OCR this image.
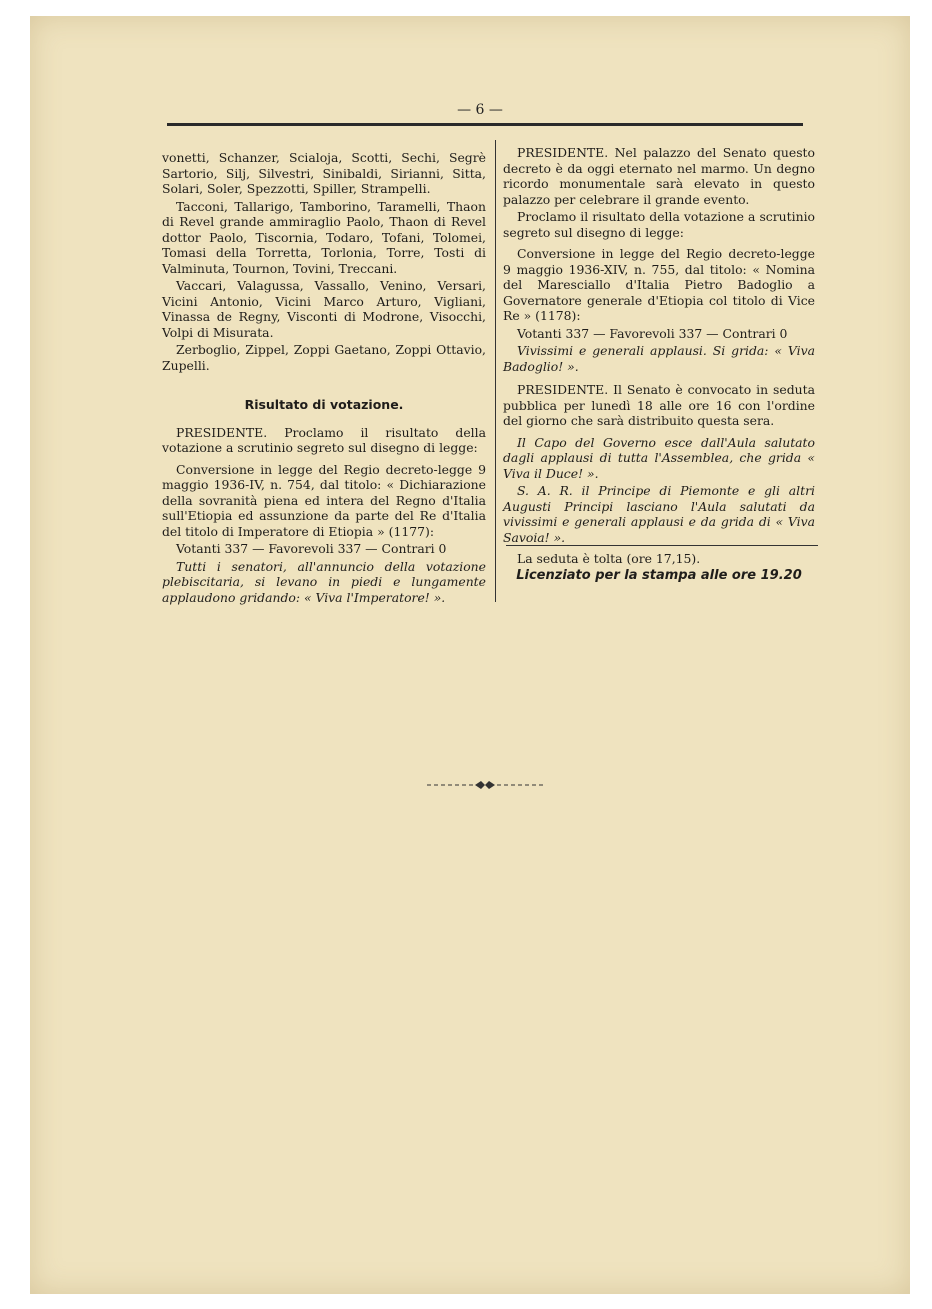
— 6 —

vonetti, Schanzer, Scialoja, Scotti, Sechi, Segrè Sartorio, Silj, Silvestri, Sinibaldi, Sirianni, Sitta, Solari, Soler, Spezzotti, Spiller, Strampelli.

Tacconi, Tallarigo, Tamborino, Taramelli, Thaon di Revel grande ammiraglio Paolo, Thaon di Revel dottor Paolo, Tiscornia, Todaro, Tofani, Tolomei, Tomasi della Torretta, Torlonia, Torre, Tosti di Valminuta, Tournon, Tovini, Treccani.

Vaccari, Valagussa, Vassallo, Venino, Versari, Vicini Antonio, Vicini Marco Arturo, Vigliani, Vinassa de Regny, Visconti di Modrone, Visocchi, Volpi di Misurata.

Zerboglio, Zippel, Zoppi Gaetano, Zoppi Ottavio, Zupelli.

Risultato di votazione.

PRESIDENTE. Proclamo il risultato della votazione a scrutinio segreto sul disegno di legge:

Conversione in legge del Regio decreto-legge 9 maggio 1936-IV, n. 754, dal titolo: « Dichiarazione della sovranità piena ed intera del Regno d'Italia sull'Etiopia ed assunzione da parte del Re d'Italia del titolo di Imperatore di Etiopia » (1177):

Votanti 337 — Favorevoli 337 — Contrari 0

Tutti i senatori, all'annuncio della votazione plebiscitaria, si levano in piedi e lungamente applaudono gridando: « Viva l'Imperatore! ».

PRESIDENTE. Nel palazzo del Senato questo decreto è da oggi eternato nel marmo. Un degno ricordo monumentale sarà elevato in questo palazzo per celebrare il grande evento.

Proclamo il risultato della votazione a scrutinio segreto sul disegno di legge:

Conversione in legge del Regio decreto-legge 9 maggio 1936-XIV, n. 755, dal titolo: « Nomina del Maresciallo d'Italia Pietro Badoglio a Governatore generale d'Etiopia col titolo di Vice Re » (1178):

Votanti 337 — Favorevoli 337 — Contrari 0

Vivissimi e generali applausi. Si grida: « Viva Badoglio! ».

PRESIDENTE. Il Senato è convocato in seduta pubblica per lunedì 18 alle ore 16 con l'ordine del giorno che sarà distribuito questa sera.

Il Capo del Governo esce dall'Aula salutato dagli applausi di tutta l'Assemblea, che grida « Viva il Duce! ».

S. A. R. il Principe di Piemonte e gli altri Augusti Principi lasciano l'Aula salutati da vivissimi e generali applausi e da grida di « Viva Savoia! ».

La seduta è tolta (ore 17,15).

Licenziato per la stampa alle ore 19.20
